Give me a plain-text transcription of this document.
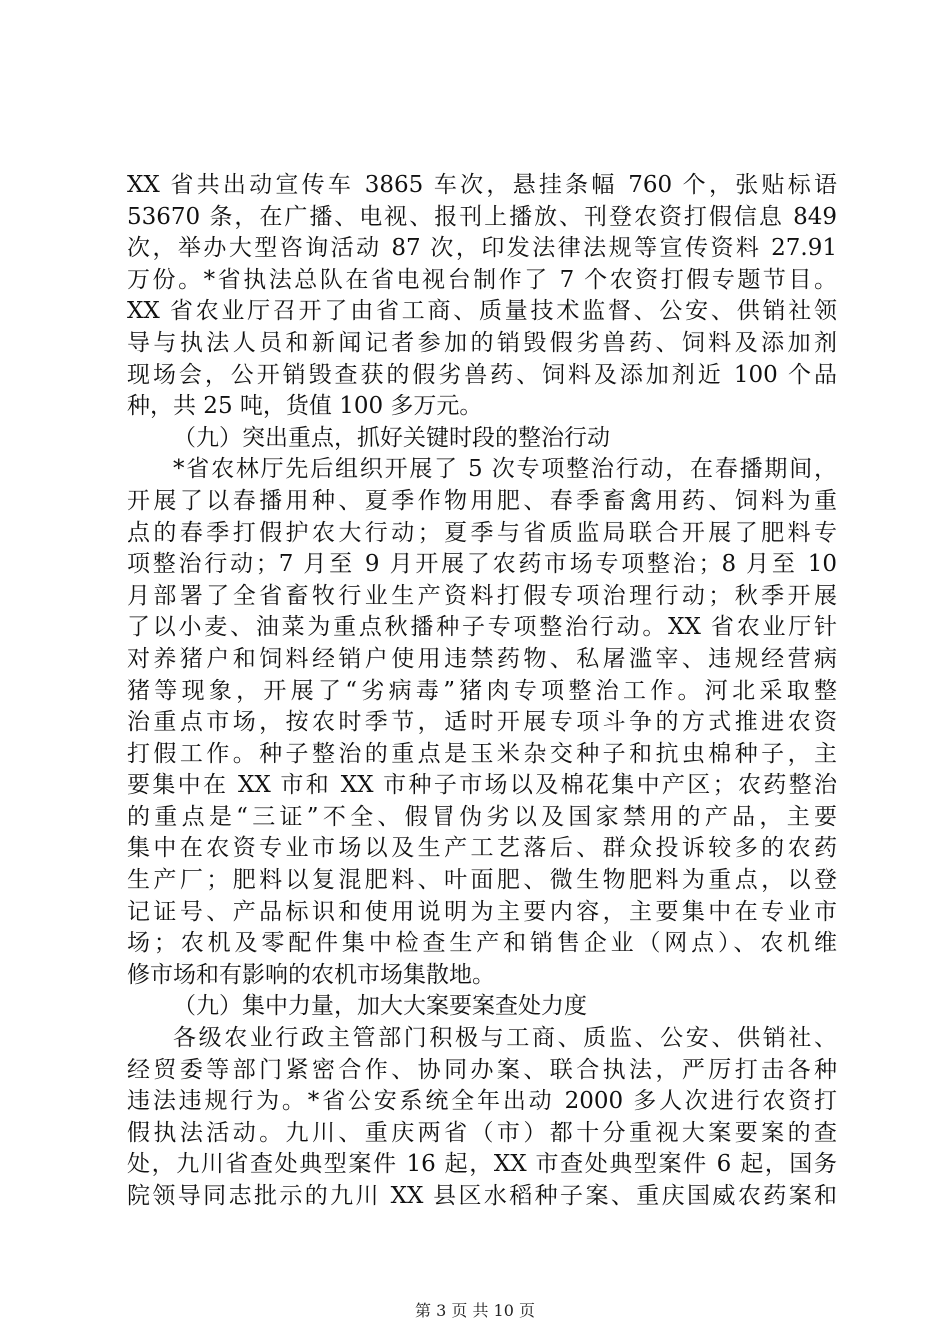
XX 省共出动宣传车 3865 车次，悬挂条幅 760 个，张贴标语
53670 条，在广播、电视、报刊上播放、刊登农资打假信息 849
次，举办大型咨询活动 87 次，印发法律法规等宣传资料 27.91
万份。*省执法总队在省电视台制作了 7 个农资打假专题节目。
XX 省农业厅召开了由省工商、质量技术监督、公安、供销社领
导与执法人员和新闻记者参加的销毁假劣兽药、饲料及添加剂
现场会，公开销毁查获的假劣兽药、饲料及添加剂近 100 个品
种，共 25 吨，货值 100 多万元。
（九）突出重点，抓好关键时段的整治行动
*省农林厅先后组织开展了 5 次专项整治行动，在春播期间，
开展了以春播用种、夏季作物用肥、春季畜禽用药、饲料为重
点的春季打假护农大行动；夏季与省质监局联合开展了肥料专
项整治行动；7 月至 9 月开展了农药市场专项整治；8 月至 10
月部署了全省畜牧行业生产资料打假专项治理行动；秋季开展
了以小麦、油菜为重点秋播种子专项整治行动。XX 省农业厅针
对养猪户和饲料经销户使用违禁药物、私屠滥宰、违规经营病
猪等现象，开展了“劣病毒”猪肉专项整治工作。河北采取整
治重点市场，按农时季节，适时开展专项斗争的方式推进农资
打假工作。种子整治的重点是玉米杂交种子和抗虫棉种子，主
要集中在 XX 市和 XX 市种子市场以及棉花集中产区；农药整治
的重点是“三证”不全、假冒伪劣以及国家禁用的产品，主要
集中在农资专业市场以及生产工艺落后、群众投诉较多的农药
生产厂；肥料以复混肥料、叶面肥、微生物肥料为重点，以登
记证号、产品标识和使用说明为主要内容，主要集中在专业市
场；农机及零配件集中检查生产和销售企业（网点）、农机维
修市场和有影响的农机市场集散地。
（九）集中力量，加大大案要案查处力度
各级农业行政主管部门积极与工商、质监、公安、供销社、
经贸委等部门紧密合作、协同办案、联合执法，严厉打击各种
违法违规行为。*省公安系统全年出动 2000 多人次进行农资打
假执法活动。九川、重庆两省（市）都十分重视大案要案的查
处，九川省查处典型案件 16 起，XX 市查处典型案件 6 起，国务
院领导同志批示的九川 XX 县区水稻种子案、重庆国威农药案和
第 3 页 共 10 页
